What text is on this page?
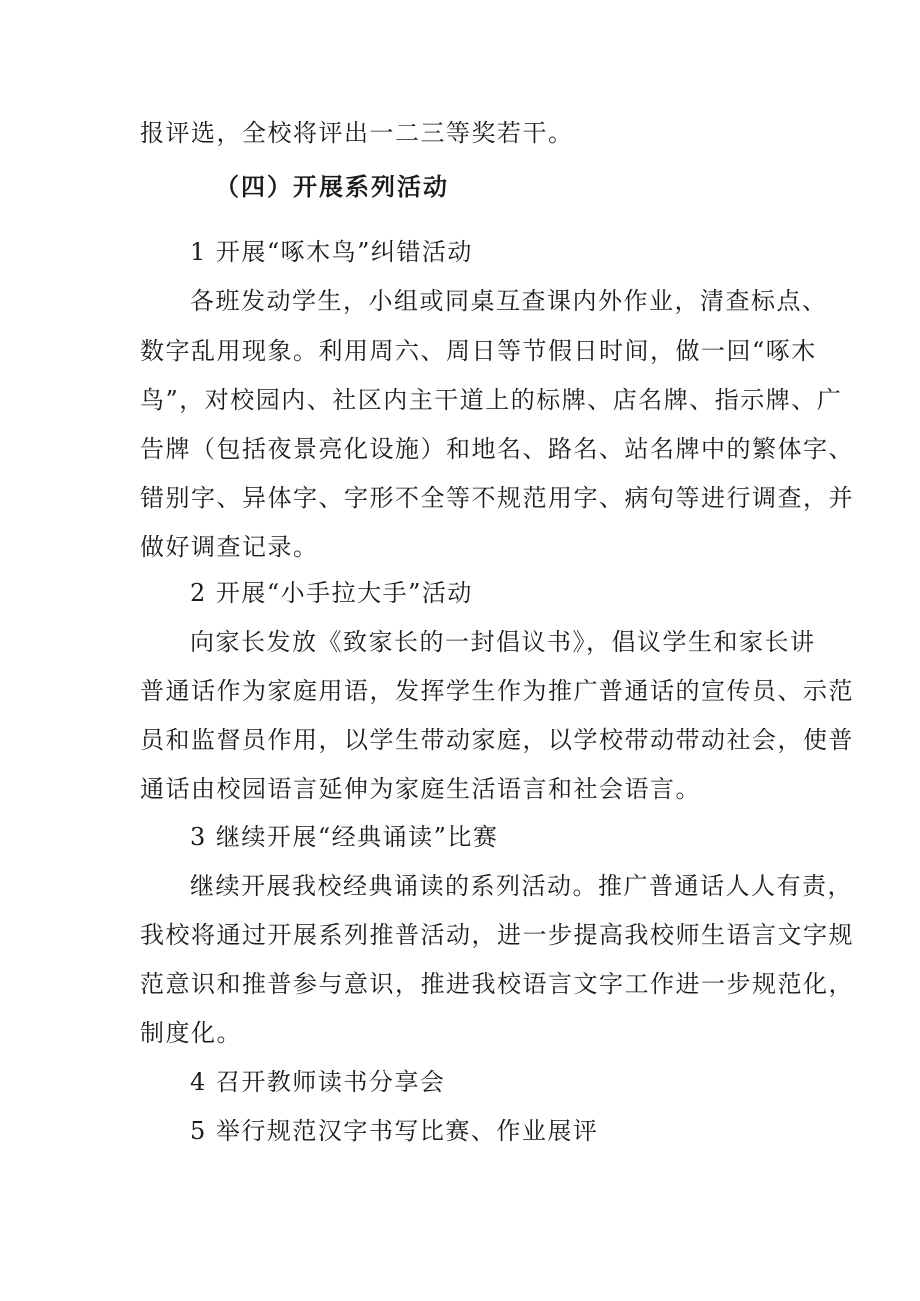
报评选，全校将评出一二三等奖若干。
（四）开展系列活动
1 开展“啄木鸟”纠错活动
各班发动学生，小组或同桌互查课内外作业，清查标点、
数字乱用现象。利用周六、周日等节假日时间，做一回“啄木
鸟”，对校园内、社区内主干道上的标牌、店名牌、指示牌、广
告牌（包括夜景亮化设施）和地名、路名、站名牌中的繁体字、
错别字、异体字、字形不全等不规范用字、病句等进行调查，并
做好调查记录。
2 开展“小手拉大手”活动
向家长发放《致家长的一封倡议书》，倡议学生和家长讲
普通话作为家庭用语，发挥学生作为推广普通话的宣传员、示范
员和监督员作用，以学生带动家庭，以学校带动带动社会，使普
通话由校园语言延伸为家庭生活语言和社会语言。
3 继续开展“经典诵读”比赛
继续开展我校经典诵读的系列活动。推广普通话人人有责，
我校将通过开展系列推普活动，进一步提高我校师生语言文字规
范意识和推普参与意识，推进我校语言文字工作进一步规范化，
制度化。
4 召开教师读书分享会
5 举行规范汉字书写比赛、作业展评
